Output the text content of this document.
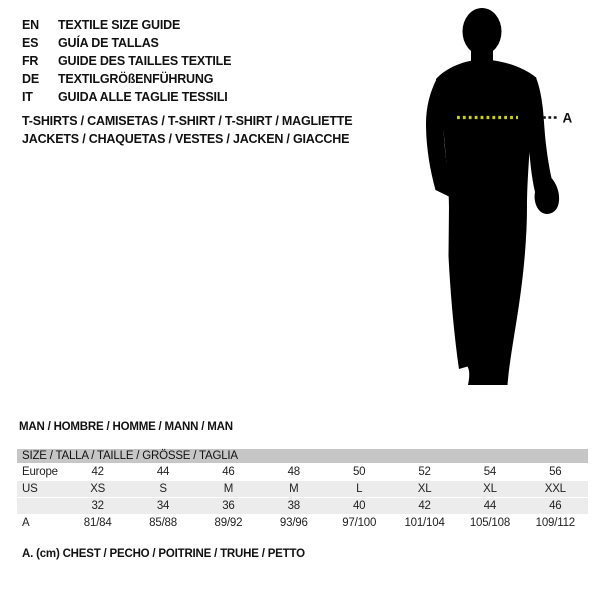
A
EN	TEXTILE SIZE GUIDE
ES	GUÍA DE TALLAS
FR	GUIDE DES TAILLES TEXTILE
DE	TEXTILGRÖßENFÜHRUNG
IT	GUIDA ALLE TAGLIE TESSILI
T-SHIRTS / CAMISETAS / T-SHIRT / T-SHIRT / MAGLIETTE
JACKETS / CHAQUETAS / VESTES / JACKEN / GIACCHE
MAN / HOMBRE / HOMME / MANN / MAN
SIZE / TALLA / TAILLE / GRÖSSE / TAGLIA								
Europe	42	44	46	48	50	52	54	56
US	XS	S	M	M	L	XL	XL	XXL
	32	34	36	38	40	42	44	46
A	81/84	85/88	89/92	93/96	97/100	101/104	105/108	109/112
A. (cm) CHEST / PECHO / POITRINE / TRUHE / PETTO
